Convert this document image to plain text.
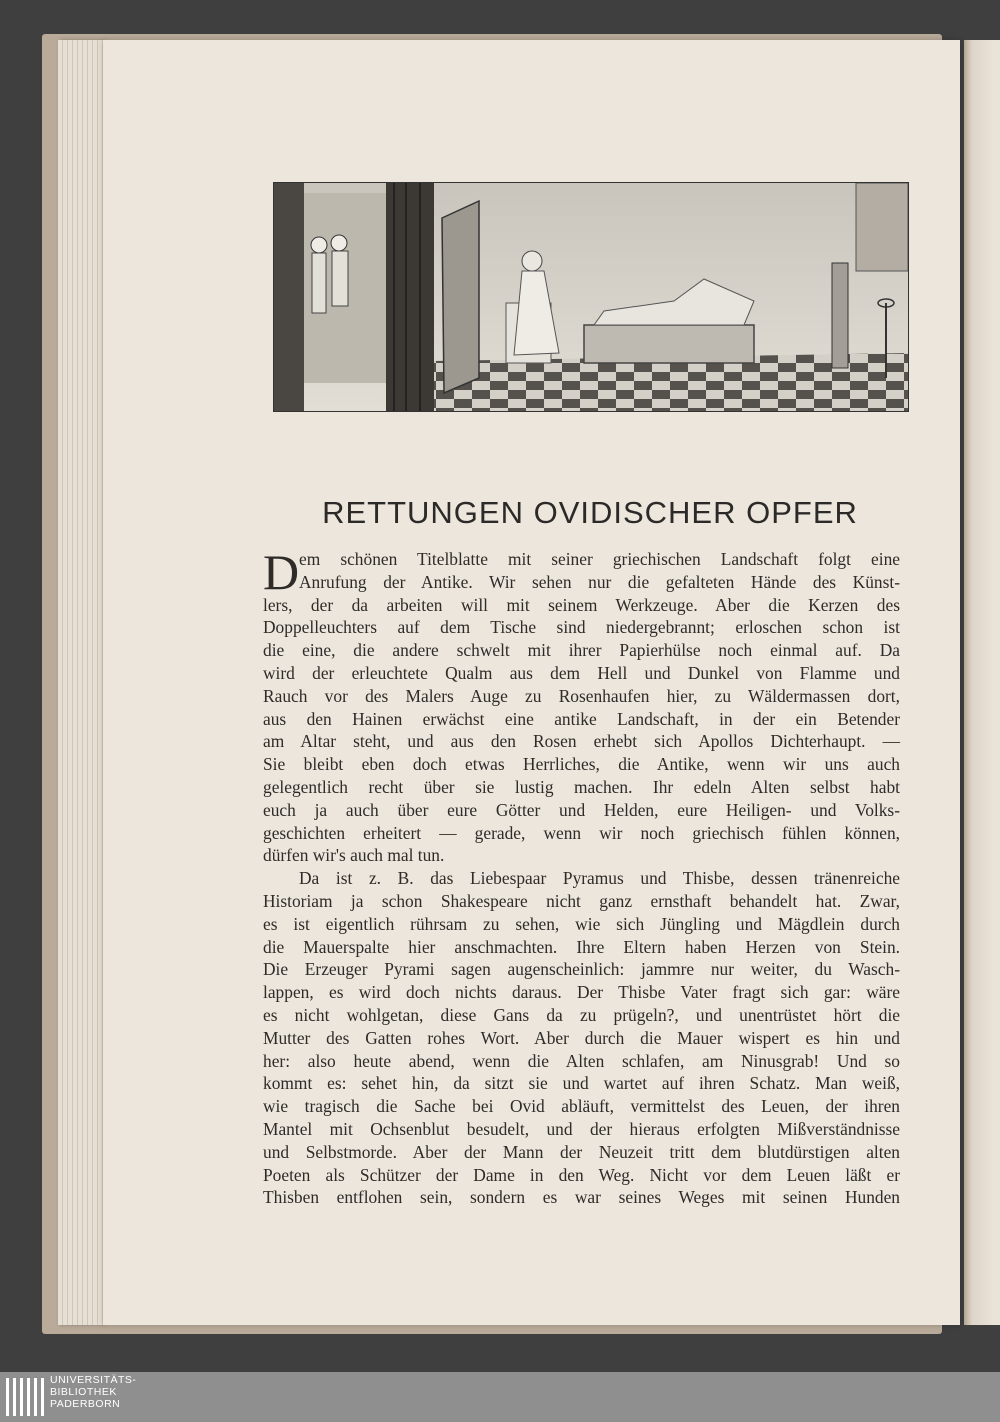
RETTUNGEN OVIDISCHER OPFER
D em schönen Titelblatte mit seiner griechischen Landschaft folgt eine
Anrufung der Antike. Wir sehen nur die gefalteten Hände des Künst-
lers, der da arbeiten will mit seinem Werkzeuge. Aber die Kerzen des
Doppelleuchters auf dem Tische sind niedergebrannt; erloschen schon ist
die eine, die andere schwelt mit ihrer Papierhülse noch einmal auf. Da
wird der erleuchtete Qualm aus dem Hell und Dunkel von Flamme und
Rauch vor des Malers Auge zu Rosenhaufen hier, zu Wäldermassen dort,
aus den Hainen erwächst eine antike Landschaft, in der ein Betender
am Altar steht, und aus den Rosen erhebt sich Apollos Dichterhaupt. —
Sie bleibt eben doch etwas Herrliches, die Antike, wenn wir uns auch
gelegentlich recht über sie lustig machen. Ihr edeln Alten selbst habt
euch ja auch über eure Götter und Helden, eure Heiligen- und Volks-
geschichten erheitert — gerade, wenn wir noch griechisch fühlen können,
dürfen wir's auch mal tun.
Da ist z. B. das Liebespaar Pyramus und Thisbe, dessen tränenreiche
Historiam ja schon Shakespeare nicht ganz ernsthaft behandelt hat. Zwar,
es ist eigentlich rührsam zu sehen, wie sich Jüngling und Mägdlein durch
die Mauerspalte hier anschmachten. Ihre Eltern haben Herzen von Stein.
Die Erzeuger Pyrami sagen augenscheinlich: jammre nur weiter, du Wasch-
lappen, es wird doch nichts daraus. Der Thisbe Vater fragt sich gar: wäre
es nicht wohlgetan, diese Gans da zu prügeln?, und unentrüstet hört die
Mutter des Gatten rohes Wort. Aber durch die Mauer wispert es hin und
her: also heute abend, wenn die Alten schlafen, am Ninusgrab! Und so
kommt es: sehet hin, da sitzt sie und wartet auf ihren Schatz. Man weiß,
wie tragisch die Sache bei Ovid abläuft, vermittelst des Leuen, der ihren
Mantel mit Ochsenblut besudelt, und der hieraus erfolgten Mißverständnisse
und Selbstmorde. Aber der Mann der Neuzeit tritt dem blutdürstigen alten
Poeten als Schützer der Dame in den Weg. Nicht vor dem Leuen läßt er
Thisben entflohen sein, sondern es war seines Weges mit seinen Hunden
UNIVERSITÄTS-
BIBLIOTHEK
PADERBORN
